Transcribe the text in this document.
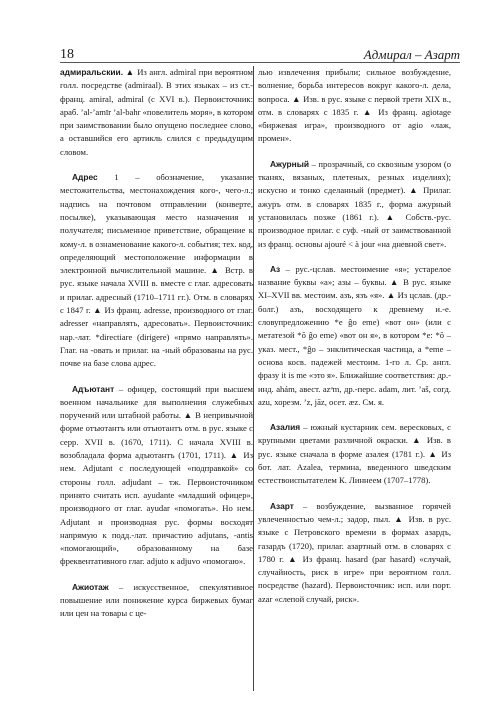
18	Адмирал – Азарт

адмиральскии. ▲ Из англ. admiral при вероятном голл. посредстве (admiraal). В этих языках – из ст.-франц. amiral, admiral (с XVI в.). Первоисточник: араб. ʼal-ʼamīr ʼal-bahr «повелитель моря», в котором при заимствовании было опущено последнее слово, а оставшийся его артикль слился с предыдущим словом.

Адрес 1 – обозначение, указание местожительства, местонахождения кого-, чего-л.; надпись на почтовом отправлении (конверте, посылке), указывающая место назначения и получателя; письменное приветствие, обращение к кому-л. в ознаменование какого-л. события; тех. код, определяющий местоположение информации в электронной вычислительной машине. ▲ Встр. в рус. языке начала XVIII в. вместе с глаг. адресовать и прилаг. адресный (1710–1711 гг.). Отм. в словарях с 1847 г. ▲ Из франц. adresse, производного от глаг. adresser «направлять, адресовать». Первоисточник: нар.-лат. *directiare (dirigere) «прямо направлять». Глаг. на -овать и прилаг. на -ный образованы на рус. почве на базе слова адрес.

Адъютант – офицер, состоящий при высшем военном начальнике для выполнения служебных поручений или штабной работы. ▲ В непривычной форме отъютантъ или отъютантъ отм. в рус. языке с серр. XVII в. (1670, 1711). С начала XVIII в. возобладала форма адъютантъ (1701, 1711). ▲ Из нем. Adjutant с последующей «подправкой» со стороны голл. adjudant – тж. Первоисточником принято считать исп. ayudante «младший офицер», производного от глаг. ayudar «помогать». Но нем. Adjutant и производная рус. формы восходят напрямую к подд.-лат. причастию adjutans, -antis «помогающий», образованному на базе фреквентативного глаг. adjuto к adjuvo «помогаю».

Ажиотаж – искусственное, спекулятивное повышение или понижение курса биржевых бумаг или цен на товары с це-

лью извлечения прибыли; сильное возбуждение, волнение, борьба интересов вокруг какого-л. дела, вопроса. ▲ Изв. в рус. языке с первой трети XIX в., отм. в словарях с 1835 г. ▲ Из франц. agiotage «биржевая игра», производного от agio «лаж, промен».

Ажурный – прозрачный, со сквозным узором (о тканях, вязаных, плетеных, резных изделиях); искусно и тонко сделанный (предмет). ▲ Прилаг. ажуръ отм. в словарях 1835 г., форма ажурный установилась позже (1861 г.). ▲ Собств.-рус. производное прилаг. с суф. -ный от заимствованной из франц. основы ajouré < à jour «на дневной свет».

Аз – рус.-цслав. местоимение «я»; устарелое название буквы «а»; азы – буквы. ▲ В рус. языке XI–XVII вв. местоим. азъ, язъ «я». ▲ Из цслав. (др.-болг.) азъ, восходящего к древнему и.-е. словупредложению *e ĝo eme) «вот он» (или с метатезой *ŏ ĝo eme) «вот он я», в котором *e: *ŏ – указ. мест., *ĝo – энклитическая частица, а *eme – основа косв. падежей местоим. 1-го л. Ср. англ. фразу it is me «это я». Ближайшие соответствия: др.-инд. ahám, авест. azᵊm, др.-перс. adam, лит. ʼaš, согд. azu, хорезм. ʼz, jāz, осет. æz. См. я.

Азалия – южный кустарник сем. вересковых, с крупными цветами различной окраски. ▲ Изв. в рус. языке сначала в форме азалея (1781 г.). ▲ Из бот. лат. Azalea, термина, введенного шведским естествоиспытателем К. Линнеем (1707–1778).

Азарт – возбуждение, вызванное горячей увлеченностью чем-л.; задор, пыл. ▲ Изв. в рус. языке с Петровского времени в формах азардъ, газардъ (1720), прилаг. азартный отм. в словарях с 1780 г. ▲ Из франц. hasard (par hasard) «случай, случайность, риск в игре» при вероятном голл. посредстве (hazard). Первоисточник: исп. или порт. azar «слепой случай, риск».
